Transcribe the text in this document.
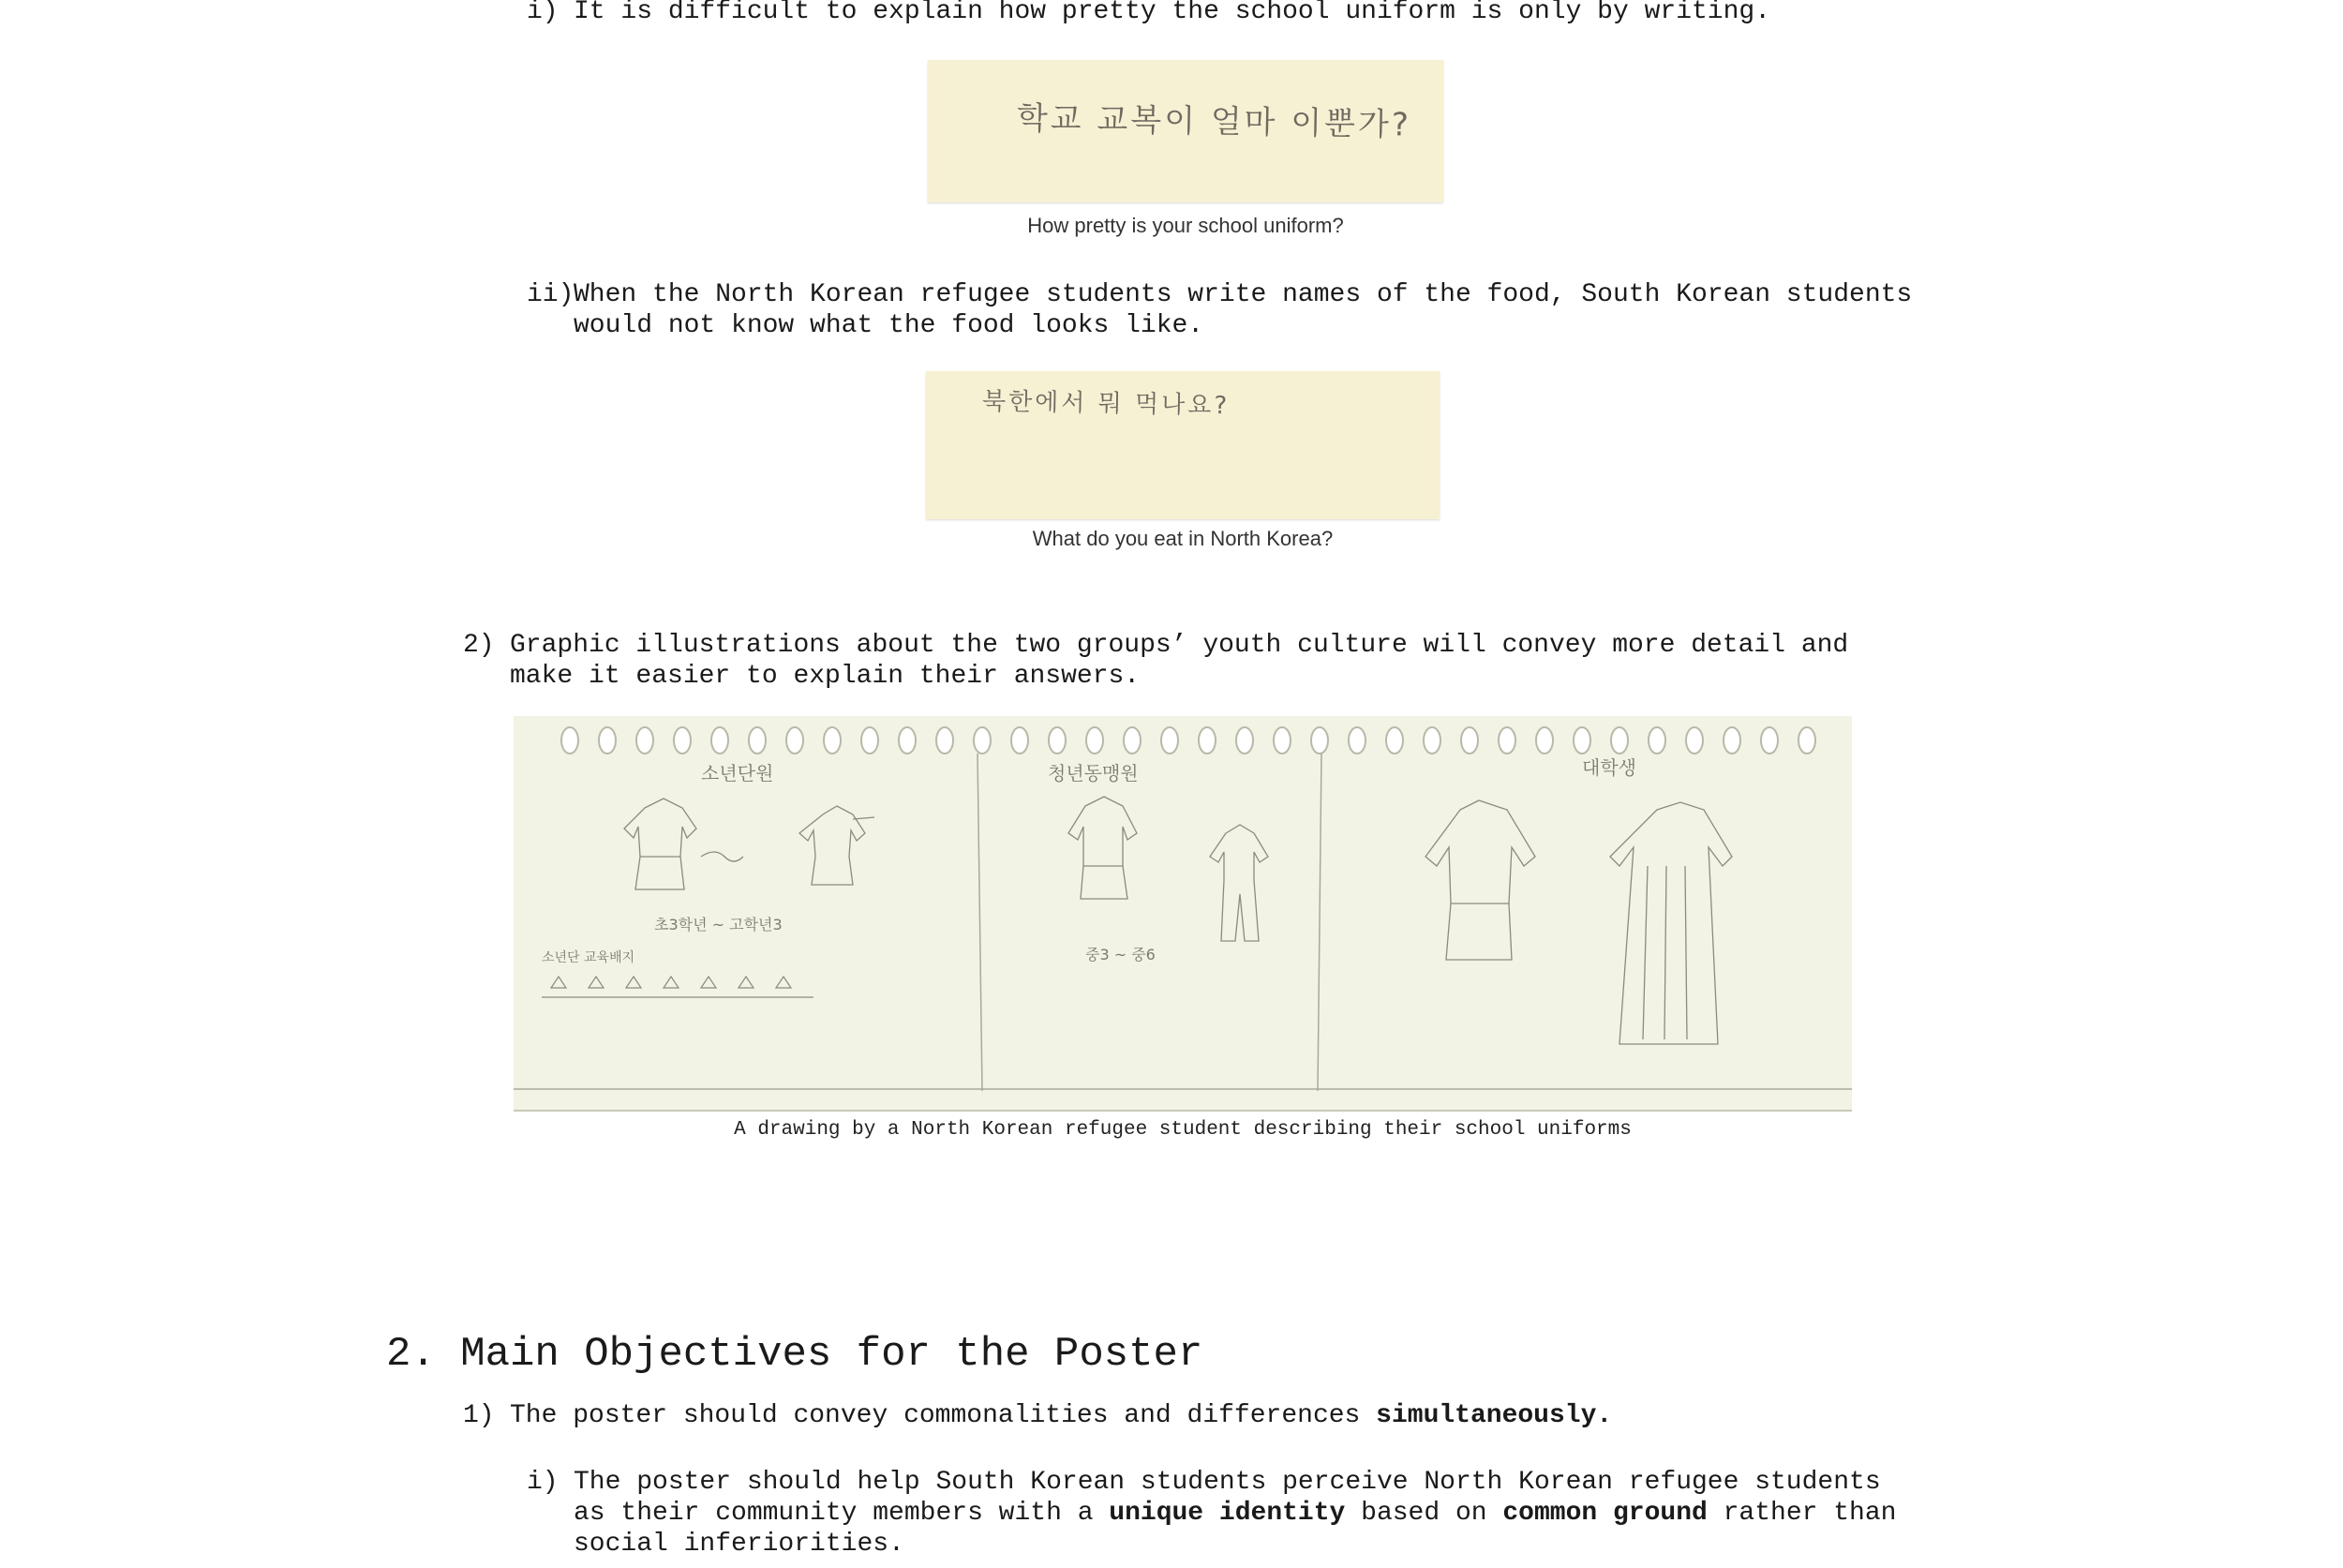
i) It is difficult to explain how pretty the school uniform is only by writing.
학교 교복이 얼마 이뿐가?
How pretty is your school uniform?
ii) When the North Korean refugee students write names of the food, South Korean students
would not know what the food looks like.
북한에서 뭐 먹나요?
What do you eat in North Korea?
2) Graphic illustrations about the two groups’ youth culture will convey more detail and
make it easier to explain their answers.
소년단원
초3학년 ~ 고학년3
소년단 교육배지
청년동맹원
중3 ~ 중6
대학생
A drawing by a North Korean refugee student describing their school uniforms
2. Main Objectives for the Poster
1) The poster should convey commonalities and differences simultaneously.
i) The poster should help South Korean students perceive North Korean refugee students
as their community members with a unique identity based on common ground rather than
social inferiorities.
